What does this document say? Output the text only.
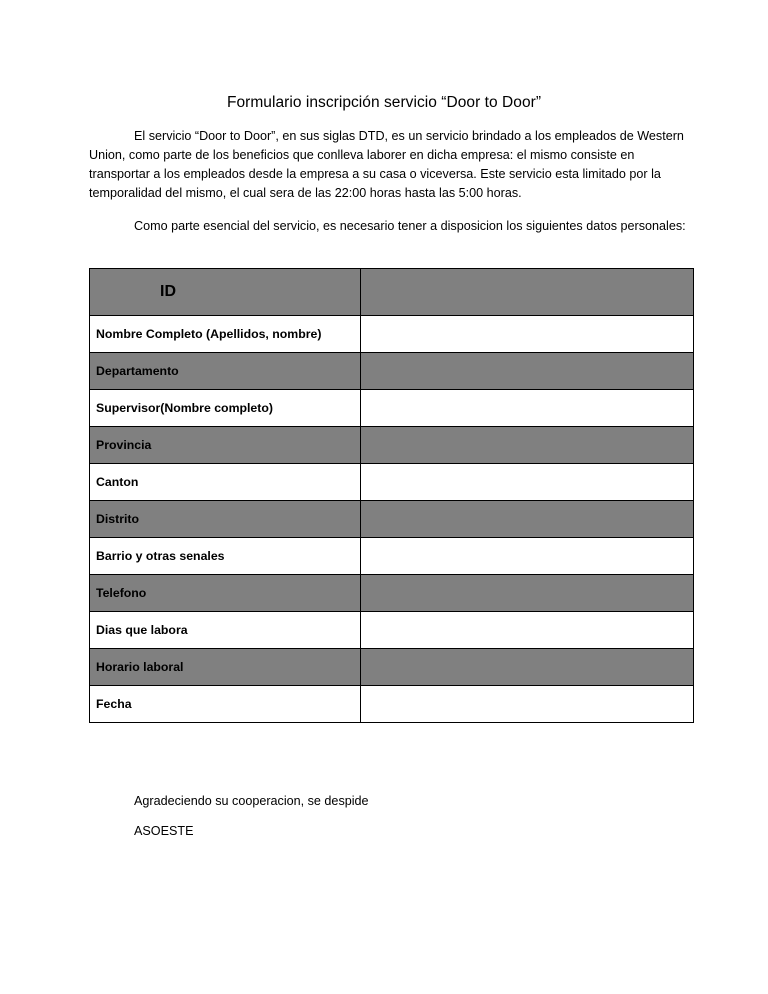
Formulario inscripción servicio “Door to Door”

El servicio “Door to Door”, en sus siglas DTD, es un servicio brindado a los empleados de Western Union, como parte de los beneficios que conlleva laborer en dicha empresa: el mismo consiste en transportar a los empleados desde la empresa a su casa o viceversa. Este servicio esta limitado por la temporalidad del mismo, el cual sera de las 22:00 horas hasta las 5:00 horas.

Como parte esencial del servicio, es necesario tener a disposicion los siguientes datos personales:

ID	
Nombre Completo (Apellidos, nombre)	
Departamento	
Supervisor(Nombre completo)	
Provincia	
Canton	
Distrito	
Barrio y otras senales	
Telefono	
Dias que labora	
Horario laboral	
Fecha	
Agradeciendo su cooperacion, se despide
ASOESTE
